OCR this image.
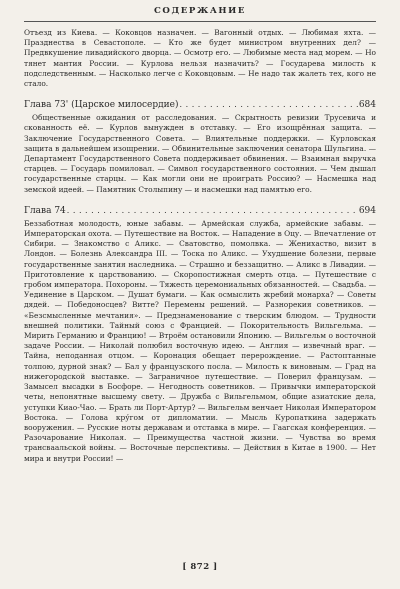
СОДЕРЖАНИЕ

Отъезд из Киева. — Коковцов назначен. — Вагонный отдых. — Любимая яхта. — Празднества в Севастополе. — Кто же будет министром внутренних дел? — Предвкушение ливадийского дворца. — Осмотр его. — Любимые места над морем. — Но тянет мантия России. — Курлова нельзя назначить? — Государева милость к подследственным. — Насколько легче с Коковцовым. — Не надо так жалеть тех, кого не стало.

Глава 73' (Царское милосердие) . . .	684

Общественные ожидания от расследования. — Скрытность ревизии Трусевича и скованность её. — Курлов вынужден в отставку. — Его изощрённая защита. — Заключение Государственного Совета. — Влиятельные поддержки. — Курловская защита в дальнейшем изощрении. — Обвинительные заключения сенатора Шульгина. — Департамент Государственного Совета поддерживает обвинения. — Взаимная выручка старцев. — Государь помиловал. — Символ государственного состояния. — Чем дышал государственные старцы. — Как могли они не проиграть Россию? — Насмешка над земской идеей. — Памятник Столыпину — и насмешки над памятью его.

Глава 74 . . .	694

Беззаботная молодость, юные забавы. — Армейская служба, армейские забавы. — Императорская охота. — Путешествие на Восток. — Нападение в Оцу. — Впечатление от Сибири. — Знакомство с Аликс. — Сватовство, помолвка. — Женихаство, визит в Лондон. — Болезнь Александра III. — Тоска по Аликс. — Ухудшение болезни, первые государственные занятия наследника. — Страшно и беззащитно. — Аликс в Ливадии. — Приготовление к царствованию. — Скоропостижная смерть отца. — Путешествие с гробом императора. Похороны. — Тяжесть церемониальных обязанностей. — Свадьба. — Уединение в Царском. — Душат бумаги. — Как осмыслить жребий монарха? — Советы дядей. — Победоносцев? Витте? Перемены решений. — Разнорекия советников. — «Безсмысленные мечтания». — Предзнаменование с тверским блюдом. — Трудности внешней политики. Тайный союз с Францией. — Покорительность Вильгельма. — Мирить Германию и Францию! — Втроём остановили Японию. — Вильгельм о восточной задаче России. — Николай полюбил восточную идею. — Англия — извечный враг. — Тайна, неподанная отцом. — Коронация обещает перерождение. — Растоптанные толпою, дурной знак? — Бал у французского посла. — Милость к виновным. — Град на нижегородской выставке. — Заграничное путешествие. — Поверил французам. — Замысел высадки в Босфоре. — Негодность советников. — Привычки императорской четы, непонятные высшему свету. — Дружба с Вильгельмом, общие азиатские дела, уступки Киао-Чао. — Брать ли Порт-Артур? — Вильгельм венчает Николая Императором Востока. — Голова кру́гом от дипломатии. — Мысль Куропаткина задержать вооружения. — Русские ноты державам и отставка в мире. — Гаагская конференция. — Разочарование Николая. — Преимущества частной жизни. — Чувства во время трансваальской войны. — Восточные перспективы. — Действия в Китае в 1900. — Нет мира и внутри России! —

[ 872 ]
